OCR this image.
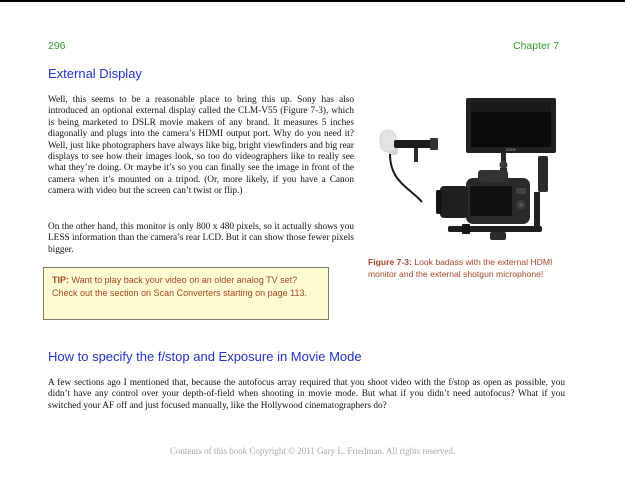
296	Chapter 7
External Display

Well, this seems to be a reasonable place to bring this up. Sony has also introduced an optional external display called the CLM-V55 (Figure 7-3), which is being marketed to DSLR movie makers of any brand. It measures 5 inches diagonally and plugs into the camera’s HDMI output port. Why do you need it? Well, just like photographers have always like big, bright viewfinders and big rear displays to see how their images look, so too do videographers like to really see what they’re doing. Or maybe it’s so you can finally see the image in front of the camera when it’s mounted on a tripod. (Or, more likely, if you have a Canon camera with video but the screen can’t twist or flip.)

On the other hand, this monitor is only 800 x 480 pixels, so it actually shows you LESS information than the camera’s rear LCD. But it can show those fewer pixels bigger.

TIP: Want to play back your video on an older analog TV set? Check out the section on Scan Converters starting on page 113.
SONY
Figure 7-3: Look badass with the external HDMI monitor and the external shotgun microphone!
How to specify the f/stop and Exposure in Movie Mode

A few sections ago I mentioned that, because the autofocus array required that you shoot video with the f/stop as open as possible, you didn’t have any control over your depth-of-field when shooting in movie mode. But what if you didn’t need autofocus? What if you switched your AF off and just focused manually, like the Hollywood cinematographers do?

Contents of this book Copyright © 2011 Gary L. Friedman. All rights reserved.
